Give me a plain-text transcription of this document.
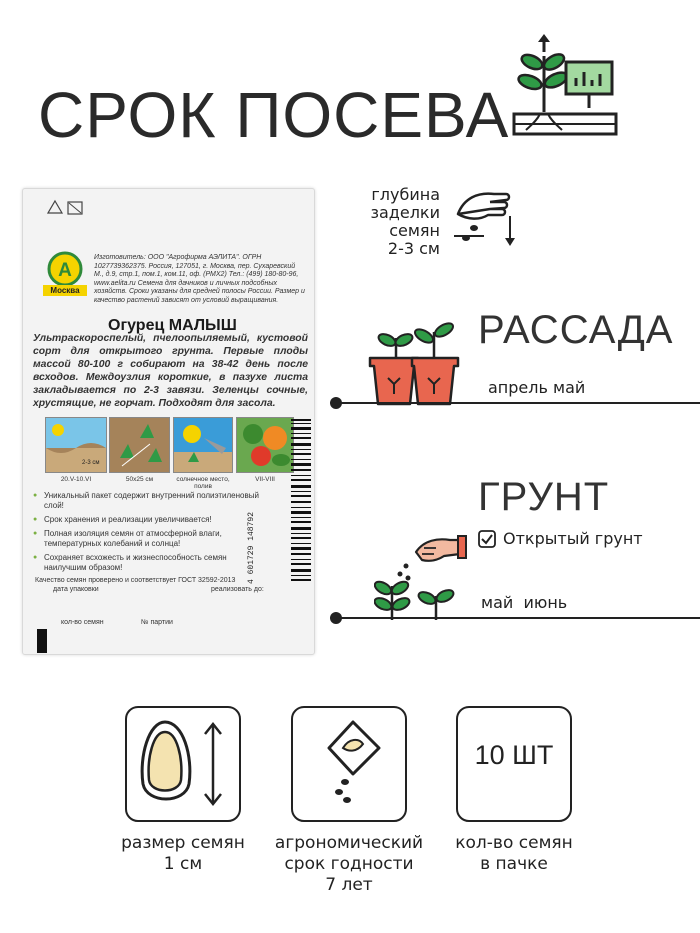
СРОК ПОСЕВА
А
Москва
Изготовитель: ООО "Агрофирма АЭЛИТА". ОГРН 1027739362375. Россия, 127051, г. Москва, пер. Сухаревский М., д.9, стр.1, пом.1, ком.11, оф. (РМХ2) Тел.: (499) 180-80-96, www.aelita.ru Семена для дачников и личных подсобных хозяйств. Сроки указаны для средней полосы России. Размер и качество растений зависят от условий выращивания.
Огурец МАЛЫШ
Ультраскороспелый, пчелоопыляемый, кустовой сорт для открытого грунта. Первые плоды массой 80-100 г собирают на 38-42 день после всходов. Междоузлия короткие, в пазухе листа закладывается по 2-3 завязи. Зеленцы сочные, хрустящие, не горчат. Подходят для засола.
2-3 см
20.V-10.VI	50x25 см	солнечное место, полив
VII-VIII
● Уникальный пакет содержит внутренний полиэтиленовый слой!
● Срок хранения и реализации увеличивается!
● Полная изоляция семян от атмосферной влаги, температурных колебаний и солнца!
● Сохраняет всхожесть и жизнеспособность семян наилучшим образом!
Качество семян проверено и соответствует ГОСТ 32592-2013
дата упаковки	реализовать до:
кол-во семян	№ партии
4 601729 148792
глубина
заделки
семян
2-3 см
РАССАДА
апрель май
ГРУНТ
Открытый грунт
май  июнь
10 ШТ
размер семян
1 см
агрономический
срок годности
7 лет
кол-во семян
в пачке
